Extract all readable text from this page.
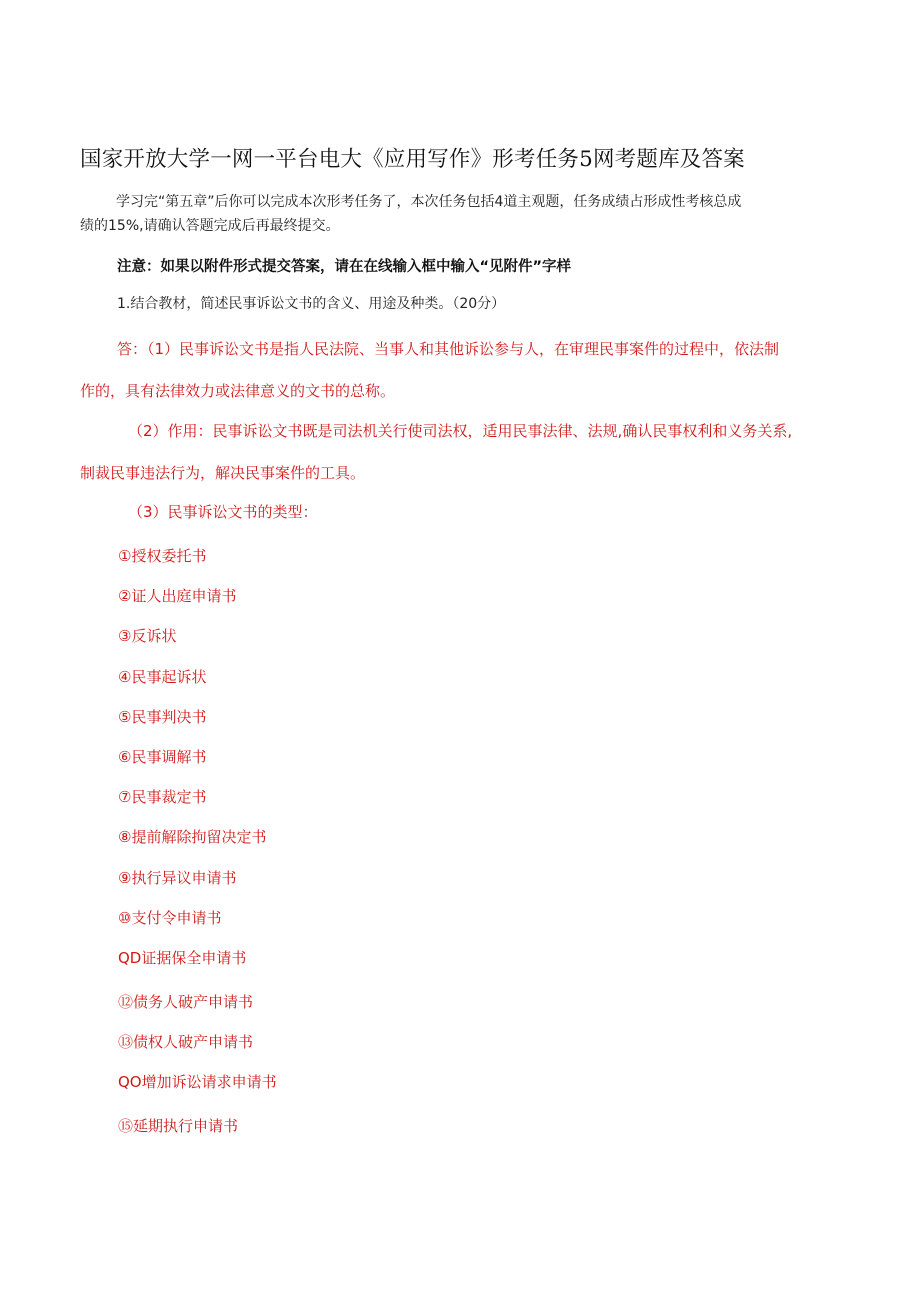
国家开放大学一网一平台电大《应用写作》形考任务5网考题库及答案
学习完“第五章”后你可以完成本次形考任务了，本次任务包括4道主观题，任务成绩占形成性考核总成
绩的15%,请确认答题完成后再最终提交。
注意：如果以附件形式提交答案，请在在线输入框中输入“见附件”字样
1.结合教材，简述民事诉讼文书的含义、用途及种类。（20分）
答：（1）民事诉讼文书是指人民法院、当事人和其他诉讼参与人，在审理民事案件的过程中，依法制
作的，具有法律效力或法律意义的文书的总称。
（2）作用：民事诉讼文书既是司法机关行使司法权，适用民事法律、法规,确认民事权利和义务关系,
制裁民事违法行为，解决民事案件的工具。
（3）民事诉讼文书的类型：
①授权委托书
②证人出庭申请书
③反诉状
④民事起诉状
⑤民事判决书
⑥民事调解书
⑦民事裁定书
⑧提前解除拘留决定书
⑨执行异议申请书
⑩支付令申请书
QD证据保全申请书
⑫债务人破产申请书
⑬债权人破产申请书
QO增加诉讼请求申请书
⑮延期执行申请书
